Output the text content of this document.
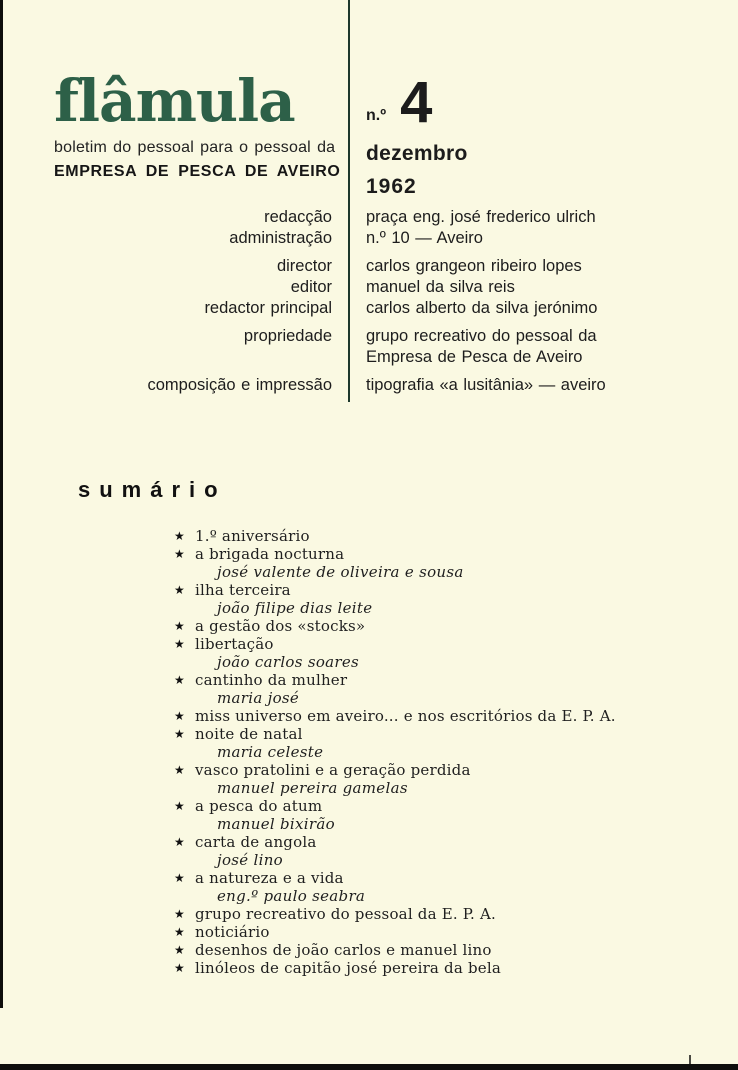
flâmula
boletim do pessoal para o pessoal da
EMPRESA DE PESCA DE AVEIRO
n.º 4
dezembro
1962
redacção
administração
praça eng. josé frederico ulrich
n.º 10 — Aveiro
director
editor
redactor principal
carlos grangeon ribeiro lopes
manuel da silva reis
carlos alberto da silva jerónimo
propriedade grupo recreativo do pessoal da
Empresa de Pesca de Aveiro
composição e impressão tipografia «a lusitânia» — aveiro
sumário
★ 1.º aniversário
★ a brigada nocturna
josé valente de oliveira e sousa
★ ilha terceira
joão filipe dias leite
★ a gestão dos «stocks»
★ libertação
joão carlos soares
★ cantinho da mulher
maria josé
★ miss universo em aveiro... e nos escritórios da E. P. A.
★ noite de natal
maria celeste
★ vasco pratolini e a geração perdida
manuel pereira gamelas
★ a pesca do atum
manuel bixirão
★ carta de angola
josé lino
★ a natureza e a vida
eng.º paulo seabra
★ grupo recreativo do pessoal da E. P. A.
★ noticiário
★ desenhos de joão carlos e manuel lino
★ linóleos de capitão josé pereira da bela
